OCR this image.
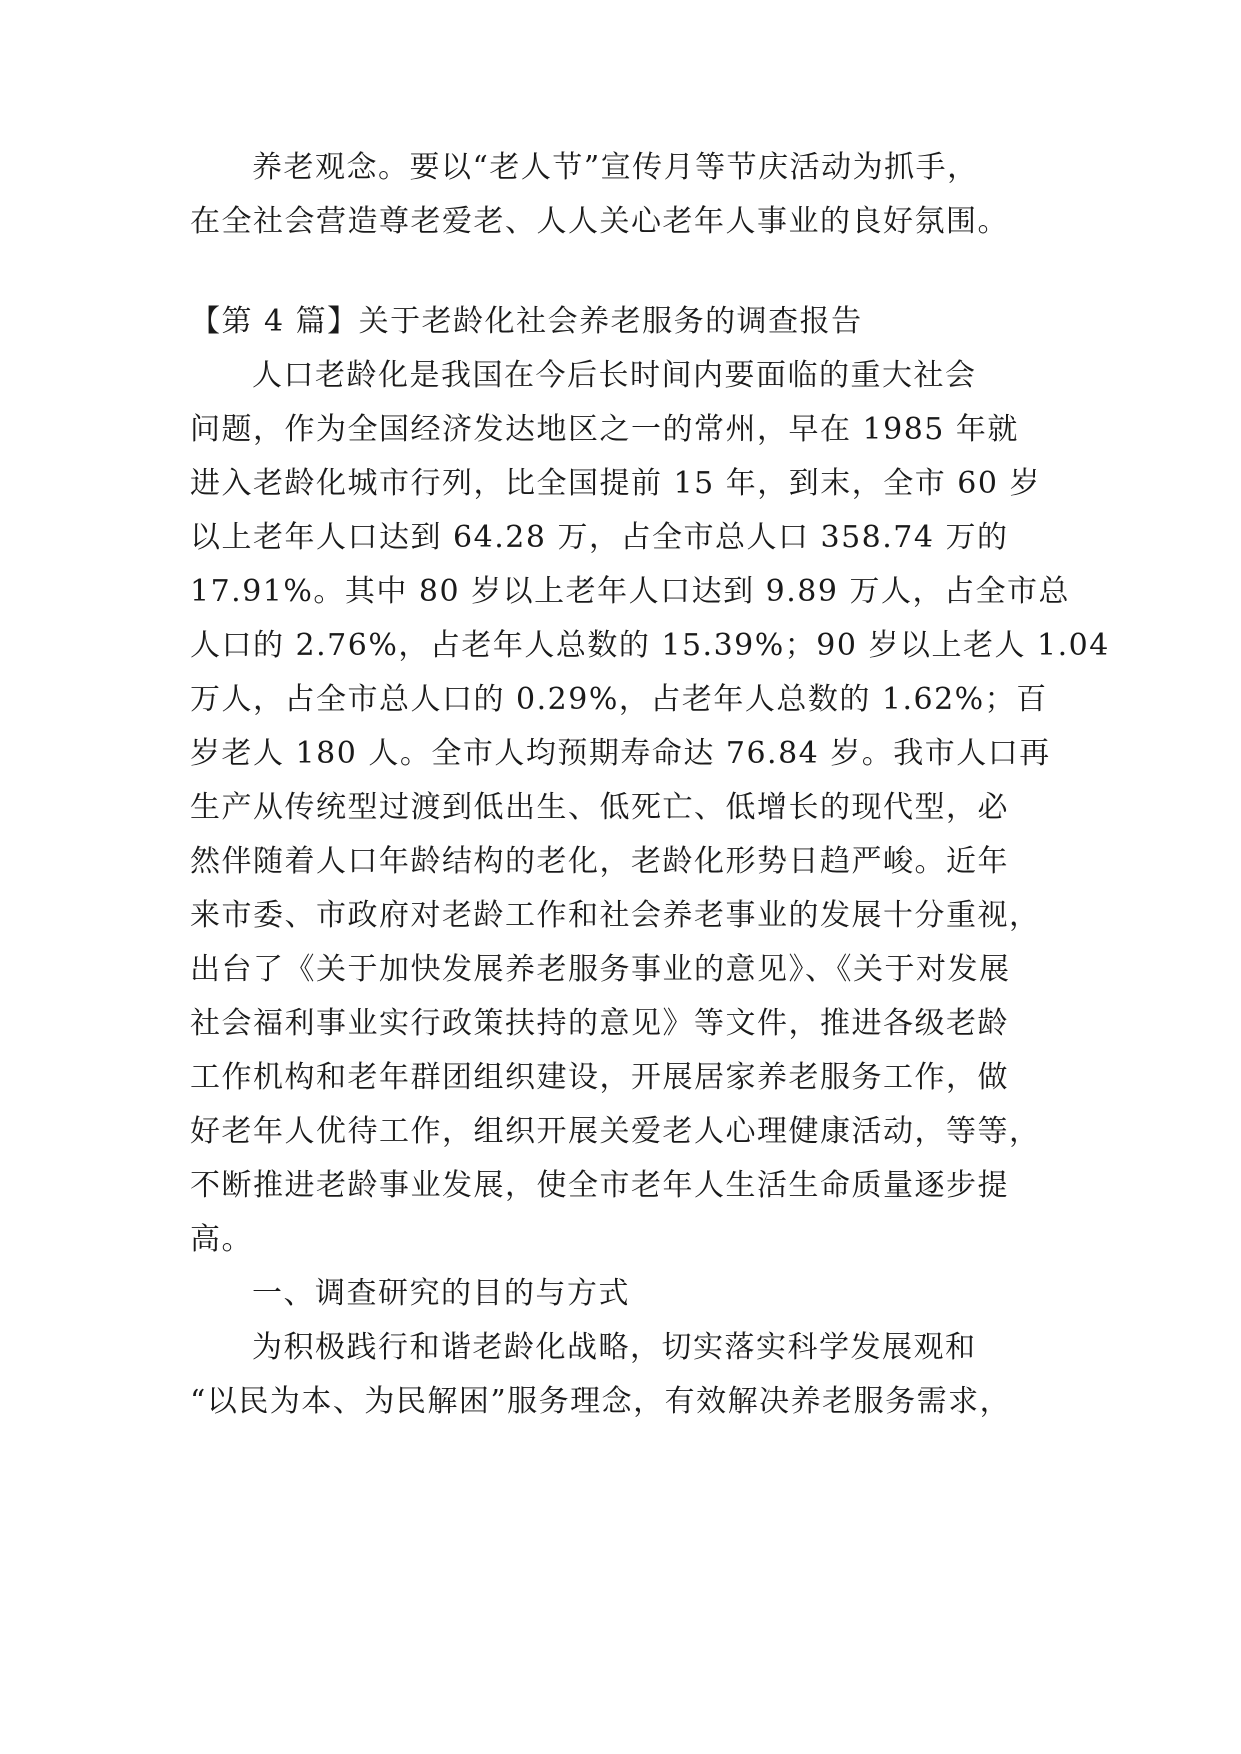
养老观念。要以“老人节”宣传月等节庆活动为抓手，
在全社会营造尊老爱老、人人关心老年人事业的良好氛围。
【第 4 篇】关于老龄化社会养老服务的调查报告
人口老龄化是我国在今后长时间内要面临的重大社会
问题，作为全国经济发达地区之一的常州，早在 1985 年就
进入老龄化城市行列，比全国提前 15 年，到末，全市 60 岁
以上老年人口达到 64.28 万，占全市总人口 358.74 万的
17.91%。其中 80 岁以上老年人口达到 9.89 万人，占全市总
人口的 2.76%，占老年人总数的 15.39%；90 岁以上老人 1.04
万人，占全市总人口的 0.29%，占老年人总数的 1.62%；百
岁老人 180 人。全市人均预期寿命达 76.84 岁。我市人口再
生产从传统型过渡到低出生、低死亡、低增长的现代型，必
然伴随着人口年龄结构的老化，老龄化形势日趋严峻。近年
来市委、市政府对老龄工作和社会养老事业的发展十分重视，
出台了《关于加快发展养老服务事业的意见》、《关于对发展
社会福利事业实行政策扶持的意见》等文件，推进各级老龄
工作机构和老年群团组织建设，开展居家养老服务工作，做
好老年人优待工作，组织开展关爱老人心理健康活动，等等，
不断推进老龄事业发展，使全市老年人生活生命质量逐步提
高。
一、调查研究的目的与方式
为积极践行和谐老龄化战略，切实落实科学发展观和
“以民为本、为民解困”服务理念，有效解决养老服务需求，
